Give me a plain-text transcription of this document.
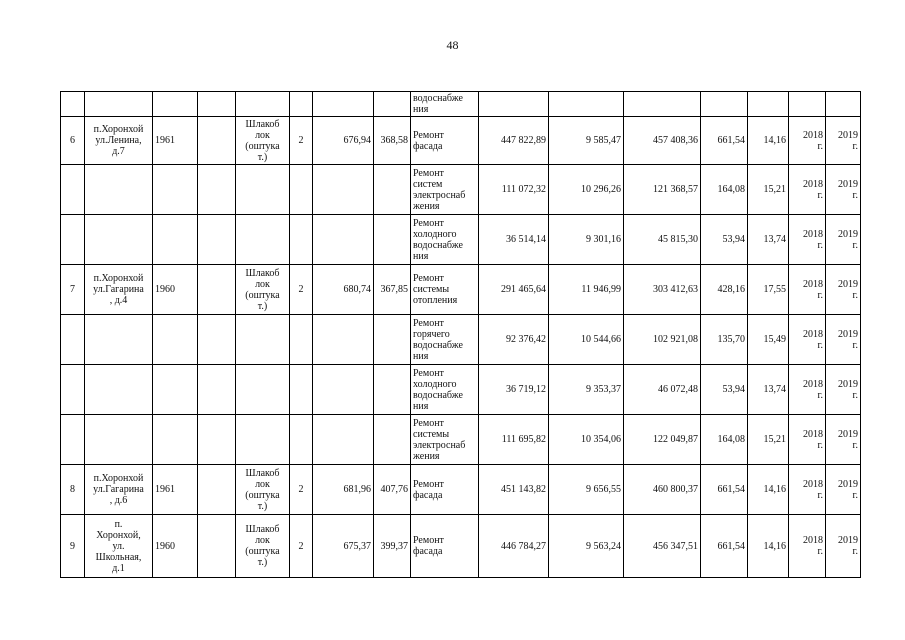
48
								водоснабже
ния						

6	п.Хоронхой
ул.Ленина,
д.7	1961		Шлакоб
лок
(оштука
т.)	2	676,94	368,58	Ремонт
фасада	447 822,89	9 585,47	457 408,36	661,54	14,16	2018
г.	2019
г.

								Ремонт
систем
электроснаб
жения	111 072,32	10 296,26	121 368,57	164,08	15,21	2018
г.	2019
г.

								Ремонт
холодного
водоснабже
ния	36 514,14	9 301,16	45 815,30	53,94	13,74	2018
г.	2019
г.

7	п.Хоронхой
ул.Гагарина
, д.4	1960		Шлакоб
лок
(оштука
т.)	2	680,74	367,85	Ремонт
системы
отопления	291 465,64	11 946,99	303 412,63	428,16	17,55	2018
г.	2019
г.

								Ремонт
горячего
водоснабже
ния	92 376,42	10 544,66	102 921,08	135,70	15,49	2018
г.	2019
г.

								Ремонт
холодного
водоснабже
ния	36 719,12	9 353,37	46 072,48	53,94	13,74	2018
г.	2019
г.

								Ремонт
системы
электроснаб
жения	111 695,82	10 354,06	122 049,87	164,08	15,21	2018
г.	2019
г.

8	п.Хоронхой
ул.Гагарина
, д.6	1961		Шлакоб
лок
(оштука
т.)	2	681,96	407,76	Ремонт
фасада	451 143,82	9 656,55	460 800,37	661,54	14,16	2018
г.	2019
г.

9	п.
Хоронхой,
ул.
Школьная,
д.1	1960		Шлакоб
лок
(оштука
т.)	2	675,37	399,37	Ремонт
фасада	446 784,27	9 563,24	456 347,51	661,54	14,16	2018
г.	2019
г.
